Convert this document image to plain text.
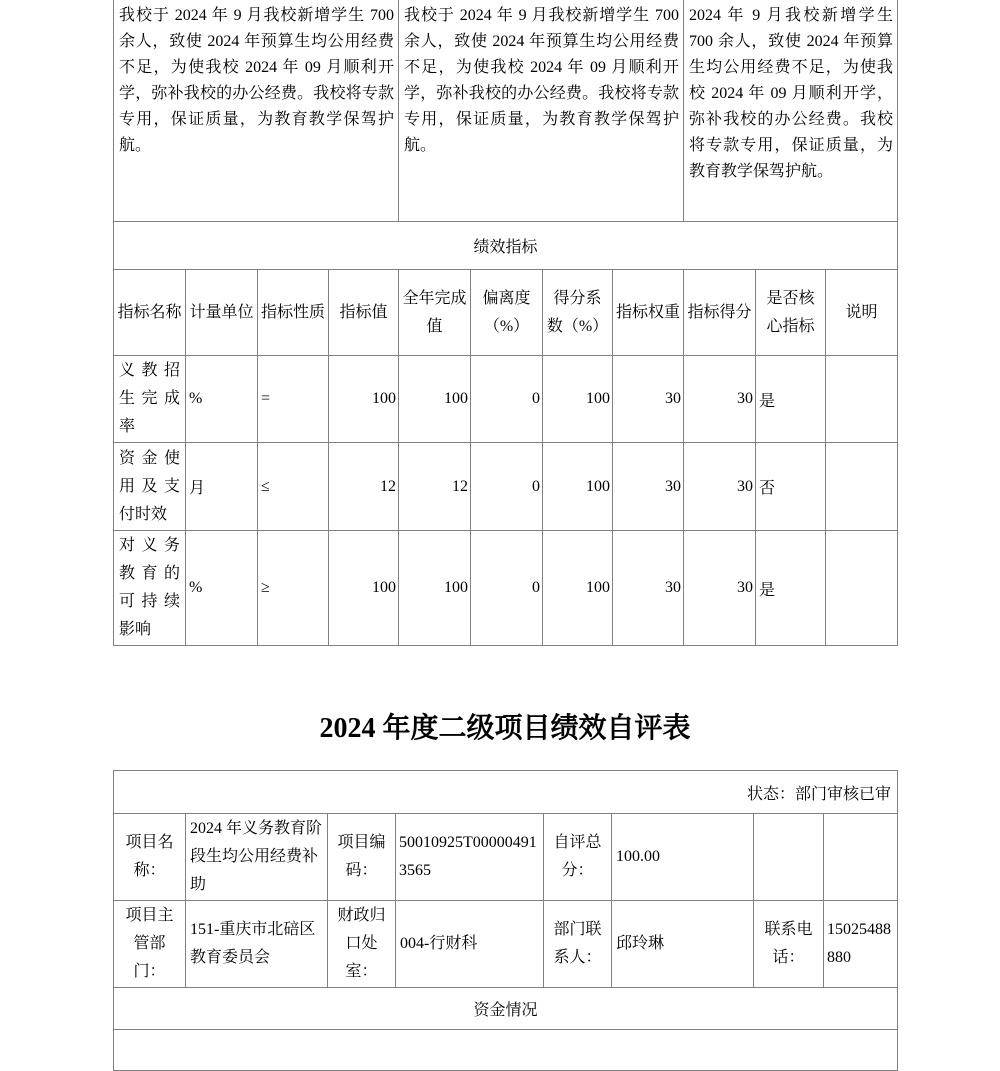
我校于 2024 年 9 月我校新增学生 700 余人，致使 2024 年预算生均公用经费不足，为使我校 2024 年 09 月顺利开学，弥补我校的办公经费。我校将专款专用，保证质量，为教育教学保驾护航。				我校于 2024 年 9 月我校新增学生 700 余人，致使 2024 年预算生均公用经费不足，为使我校 2024 年 09 月顺利开学，弥补我校的办公经费。我校将专款专用，保证质量，为教育教学保驾护航。				2024 年 9 月我校新增学生 700 余人，致使 2024 年预算生均公用经费不足，为使我校 2024 年 09 月顺利开学，弥补我校的办公经费。我校将专款专用，保证质量，为教育教学保驾护航。		
绩效指标										
指标名称	计量单位	指标性质	指标值	全年完成值	偏离度（%）	得分系数（%）	指标权重	指标得分	是否核心指标	说明
义教招生完成率	%	=	100	100	0	100	30	30	是	
资金使用及支付时效	月	≤	12	12	0	100	30	30	否	
对义务教育的可持续影响	%	≥	100	100	0	100	30	30	是	
2024 年度二级项目绩效自评表
状态：部门审核已审							
项目名称：	2024 年义务教育阶段生均公用经费补助	项目编码：	50010925T000004913565	自评总分：	100.00		
项目主管部门：	151-重庆市北碚区教育委员会	财政归口处室：	004-行财科	部门联系人：	邱玲琳	联系电话：	15025488880
资金情况							
